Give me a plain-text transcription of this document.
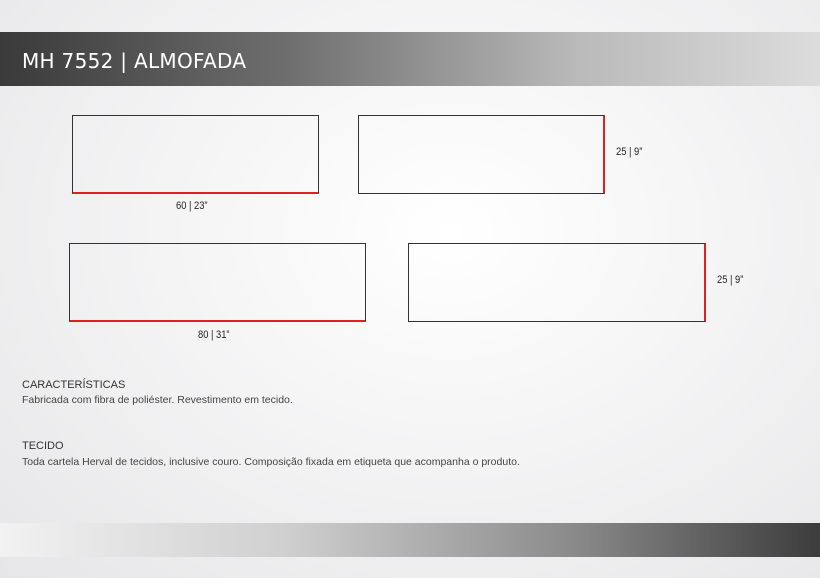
MH 7552 | ALMOFADA
60 | 23”
25 | 9”
80 | 31”
25 | 9”
CARACTERÍSTICAS
Fabricada com fibra de poliéster. Revestimento em tecido.
TECIDO
Toda cartela Herval de tecidos, inclusive couro. Composição fixada em etiqueta que acompanha o produto.
